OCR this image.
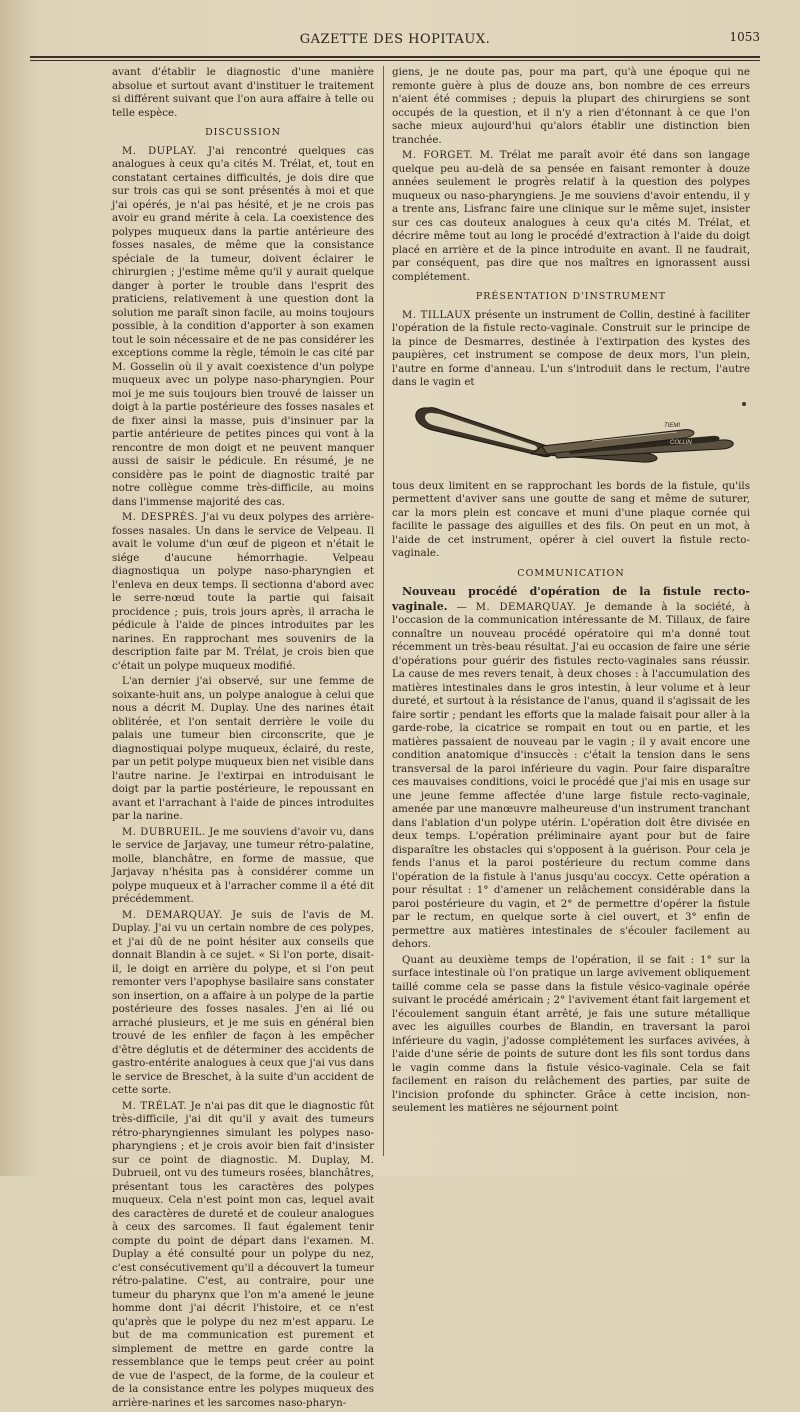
GAZETTE DES HOPITAUX.	1053

avant d'établir le diagnostic d'une manière absolue et surtout avant d'instituer le traitement si différent suivant que l'on aura affaire à telle ou telle espèce.

DISCUSSION

M. DUPLAY. J'ai rencontré quelques cas analogues à ceux qu'a cités M. Trélat, et, tout en constatant certaines difficultés, je dois dire que sur trois cas qui se sont présentés à moi et que j'ai opérés, je n'ai pas hésité, et je ne crois pas avoir eu grand mérite à cela. La coexistence des polypes muqueux dans la partie antérieure des fosses nasales, de même que la consistance spéciale de la tumeur, doivent éclairer le chirurgien ; j'estime même qu'il y aurait quelque danger à porter le trouble dans l'esprit des praticiens, relativement à une question dont la solution me paraît sinon facile, au moins toujours possible, à la condition d'apporter à son examen tout le soin nécessaire et de ne pas considérer les exceptions comme la règle, témoin le cas cité par M. Gosselin où il y avait coexistence d'un polype muqueux avec un polype naso-pharyngien. Pour moi je me suis toujours bien trouvé de laisser un doigt à la partie postérieure des fosses nasales et de fixer ainsi la masse, puis d'insinuer par la partie antérieure de petites pinces qui vont à la rencontre de mon doigt et ne peuvent manquer aussi de saisir le pédicule. En résumé, je ne considère pas le point de diagnostic traité par notre collègue comme très-difficile, au moins dans l'immense majorité des cas.

M. DESPRÈS. J'ai vu deux polypes des arrière-fosses nasales. Un dans le service de Velpeau. Il avait le volume d'un œuf de pigeon et n'était le siége d'aucune hémorrhagie. Velpeau diagnostiqua un polype naso-pharyngien et l'enleva en deux temps. Il sectionna d'abord avec le serre-nœud toute la partie qui faisait procidence ; puis, trois jours après, il arracha le pédicule à l'aide de pinces introduites par les narines. En rapprochant mes souvenirs de la description faite par M. Trélat, je crois bien que c'était un polype muqueux modifié.

L'an dernier j'ai observé, sur une femme de soixante-huit ans, un polype analogue à celui que nous a décrit M. Duplay. Une des narines était oblitérée, et l'on sentait derrière le voile du palais une tumeur bien circonscrite, que je diagnostiquai polype muqueux, éclairé, du reste, par un petit polype muqueux bien net visible dans l'autre narine. Je l'extirpai en introduisant le doigt par la partie postérieure, le repoussant en avant et l'arrachant à l'aide de pinces introduites par la narine.

M. DUBRUEIL. Je me souviens d'avoir vu, dans le service de Jarjavay, une tumeur rétro-palatine, molle, blanchâtre, en forme de massue, que Jarjavay n'hésita pas à considérer comme un polype muqueux et à l'arracher comme il a été dit précédemment.

M. DEMARQUAY. Je suis de l'avis de M. Duplay. J'ai vu un certain nombre de ces polypes, et j'ai dû de ne point hésiter aux conseils que donnait Blandin à ce sujet. « Si l'on porte, disait-il, le doigt en arrière du polype, et si l'on peut remonter vers l'apophyse basilaire sans constater son insertion, on a affaire à un polype de la partie postérieure des fosses nasales. J'en ai lié ou arraché plusieurs, et je me suis en général bien trouvé de les enfiler de façon à les empêcher d'être déglutis et de déterminer des accidents de gastro-entérite analogues à ceux que j'ai vus dans le service de Breschet, à la suite d'un accident de cette sorte.

M. TRÉLAT. Je n'ai pas dit que le diagnostic fût très-difficile, j'ai dit qu'il y avait des tumeurs rétro-pharyngiennes simulant les polypes naso-pharyngiens ; et je crois avoir bien fait d'insister sur ce point de diagnostic. M. Duplay, M. Dubrueil, ont vu des tumeurs rosées, blanchâtres, présentant tous les caractères des polypes muqueux. Cela n'est point mon cas, lequel avait des caractères de dureté et de couleur analogues à ceux des sarcomes. Il faut également tenir compte du point de départ dans l'examen. M. Duplay a été consulté pour un polype du nez, c'est consécutivement qu'il a découvert la tumeur rétro-palatine. C'est, au contraire, pour une tumeur du pharynx que l'on m'a amené le jeune homme dont j'ai décrit l'histoire, et ce n'est qu'après que le polype du nez m'est apparu. Le but de ma communication est purement et simplement de mettre en garde contre la ressemblance que le temps peut créer au point de vue de l'aspect, de la forme, de la couleur et de la consistance entre les polypes muqueux des arrière-narines et les sarcomes naso-pharyn-

giens, je ne doute pas, pour ma part, qu'à une époque qui ne remonte guère à plus de douze ans, bon nombre de ces erreurs n'aient été commises ; depuis la plupart des chirurgiens se sont occupés de la question, et il n'y a rien d'étonnant à ce que l'on sache mieux aujourd'hui qu'alors établir une distinction bien tranchée.

M. FORGET. M. Trélat me paraît avoir été dans son langage quelque peu au-delà de sa pensée en faisant remonter à douze années seulement le progrès relatif à la question des polypes muqueux ou naso-pharyngiens. Je me souviens d'avoir entendu, il y a trente ans, Lisfranc faire une clinique sur le même sujet, insister sur ces cas douteux analogues à ceux qu'a cités M. Trélat, et décrire même tout au long le procédé d'extraction à l'aide du doigt placé en arrière et de la pince introduite en avant. Il ne faudrait, par conséquent, pas dire que nos maîtres en ignorassent aussi complétement.

PRÉSENTATION D'INSTRUMENT

M. TILLAUX présente un instrument de Collin, destiné à faciliter l'opération de la fistule recto-vaginale. Construit sur le principe de la pince de Desmarres, destinée à l'extirpation des kystes des paupières, cet instrument se compose de deux mors, l'un plein, l'autre en forme d'anneau. L'un s'introduit dans le rectum, l'autre dans le vagin et

TIEMI
COLLIN

tous deux limitent en se rapprochant les bords de la fistule, qu'ils permettent d'aviver sans une goutte de sang et même de suturer, car la mors plein est concave et muni d'une plaque cornée qui facilite le passage des aiguilles et des fils. On peut en un mot, à l'aide de cet instrument, opérer à ciel ouvert la fistule recto-vaginale.

COMMUNICATION

Nouveau procédé d'opération de la fistule recto-vaginale. — M. DEMARQUAY. Je demande à la société, à l'occasion de la communication intéressante de M. Tillaux, de faire connaître un nouveau procédé opératoire qui m'a donné tout récemment un très-beau résultat. J'ai eu occasion de faire une série d'opérations pour guérir des fistules recto-vaginales sans réussir. La cause de mes revers tenait, à deux choses : à l'accumulation des matières intestinales dans le gros intestin, à leur volume et à leur dureté, et surtout à la résistance de l'anus, quand il s'agissait de les faire sortir ; pendant les efforts que la malade faisait pour aller à la garde-robe, la cicatrice se rompait en tout ou en partie, et les matières passaient de nouveau par le vagin ; il y avait encore une condition anatomique d'insuccès : c'était la tension dans le sens transversal de la paroi inférieure du vagin. Pour faire disparaître ces mauvaises conditions, voici le procédé que j'ai mis en usage sur une jeune femme affectée d'une large fistule recto-vaginale, amenée par une manœuvre malheureuse d'un instrument tranchant dans l'ablation d'un polype utérin. L'opération doit être divisée en deux temps. L'opération préliminaire ayant pour but de faire disparaître les obstacles qui s'opposent à la guérison. Pour cela je fends l'anus et la paroi postérieure du rectum comme dans l'opération de la fistule à l'anus jusqu'au coccyx. Cette opération a pour résultat : 1° d'amener un relâchement considérable dans la paroi postérieure du vagin, et 2° de permettre d'opérer la fistule par le rectum, en quelque sorte à ciel ouvert, et 3° enfin de permettre aux matières intestinales de s'écouler facilement au dehors.

Quant au deuxième temps de l'opération, il se fait : 1° sur la surface intestinale où l'on pratique un large avivement obliquement taillé comme cela se passe dans la fistule vésico-vaginale opérée suivant le procédé américain ; 2° l'avivement étant fait largement et l'écoulement sanguin étant arrêté, je fais une suture métallique avec les aiguilles courbes de Blandin, en traversant la paroi inférieure du vagin, j'adosse complétement les surfaces avivées, à l'aide d'une série de points de suture dont les fils sont tordus dans le vagin comme dans la fistule vésico-vaginale. Cela se fait facilement en raison du relâchement des parties, par suite de l'incision profonde du sphincter. Grâce à cette incision, non-seulement les matières ne séjournent point
